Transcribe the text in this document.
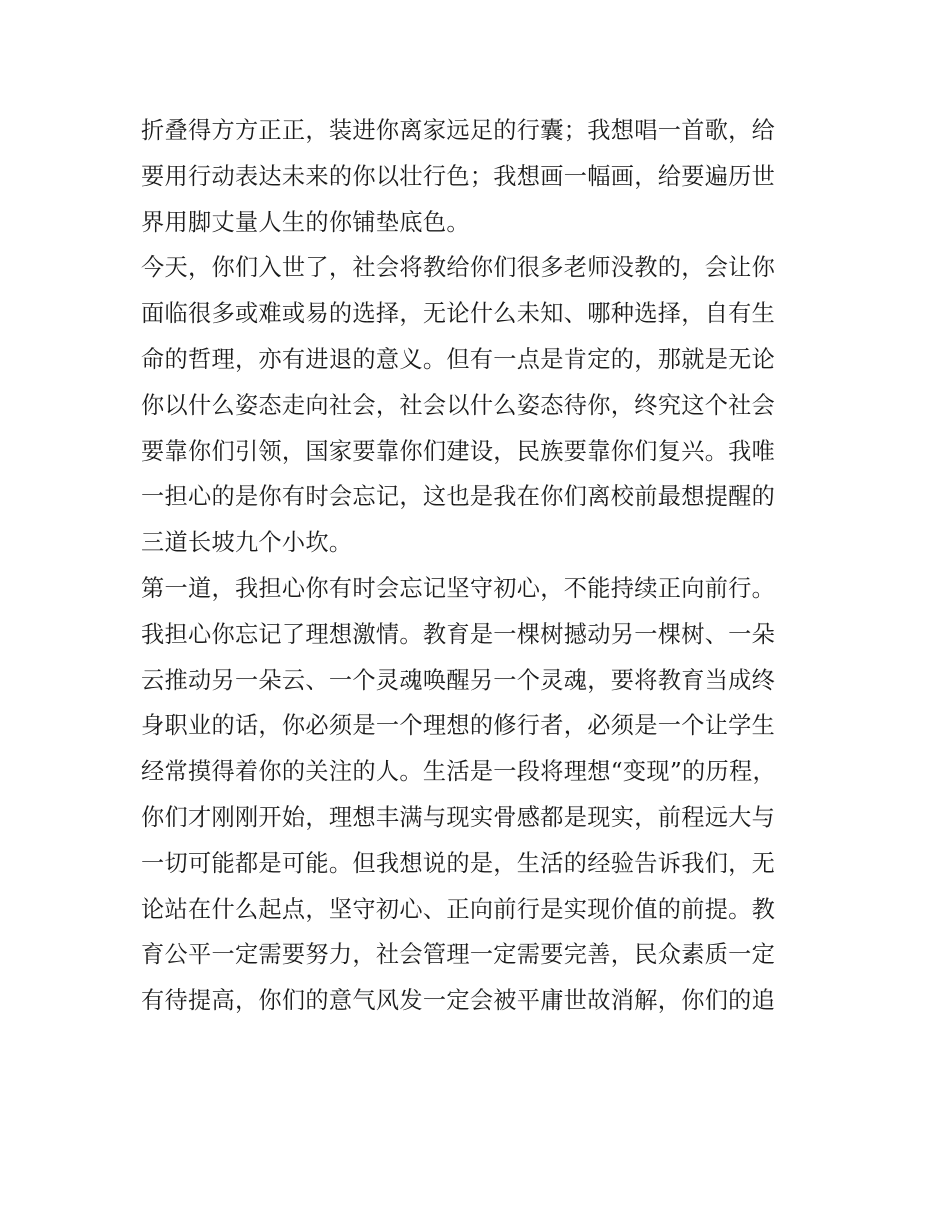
折叠得方方正正，装进你离家远足的行囊；我想唱一首歌，给
要用行动表达未来的你以壮行色；我想画一幅画，给要遍历世
界用脚丈量人生的你铺垫底色。
今天，你们入世了，社会将教给你们很多老师没教的，会让你
面临很多或难或易的选择，无论什么未知、哪种选择，自有生
命的哲理，亦有进退的意义。但有一点是肯定的，那就是无论
你以什么姿态走向社会，社会以什么姿态待你，终究这个社会
要靠你们引领，国家要靠你们建设，民族要靠你们复兴。我唯
一担心的是你有时会忘记，这也是我在你们离校前最想提醒的
三道长坡九个小坎。
第一道，我担心你有时会忘记坚守初心，不能持续正向前行。
我担心你忘记了理想激情。教育是一棵树撼动另一棵树、一朵
云推动另一朵云、一个灵魂唤醒另一个灵魂，要将教育当成终
身职业的话，你必须是一个理想的修行者，必须是一个让学生
经常摸得着你的关注的人。生活是一段将理想“变现”的历程，
你们才刚刚开始，理想丰满与现实骨感都是现实，前程远大与
一切可能都是可能。但我想说的是，生活的经验告诉我们，无
论站在什么起点，坚守初心、正向前行是实现价值的前提。教
育公平一定需要努力，社会管理一定需要完善，民众素质一定
有待提高，你们的意气风发一定会被平庸世故消解，你们的追
